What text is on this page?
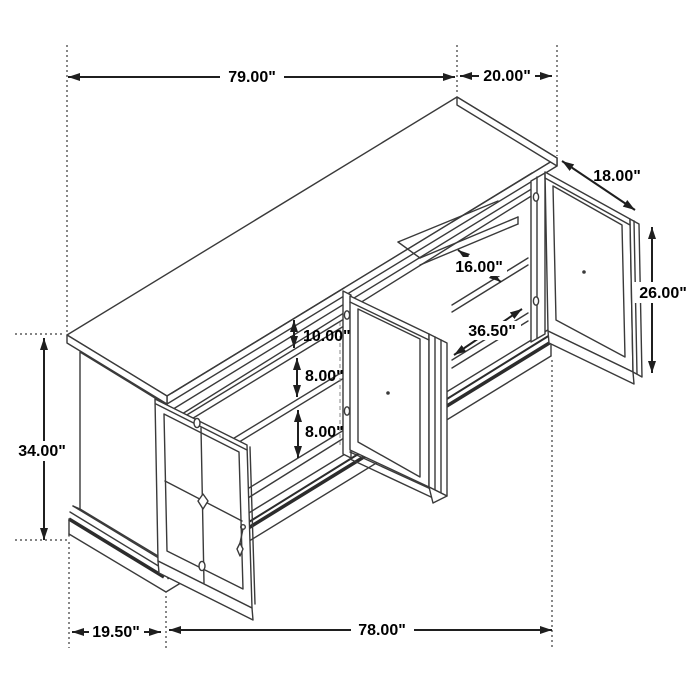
79.00"	20.00"
18.00"
26.00"
16.00"
10.00"
8.00"
8.00"
36.50"
34.00"
19.50"	78.00"
